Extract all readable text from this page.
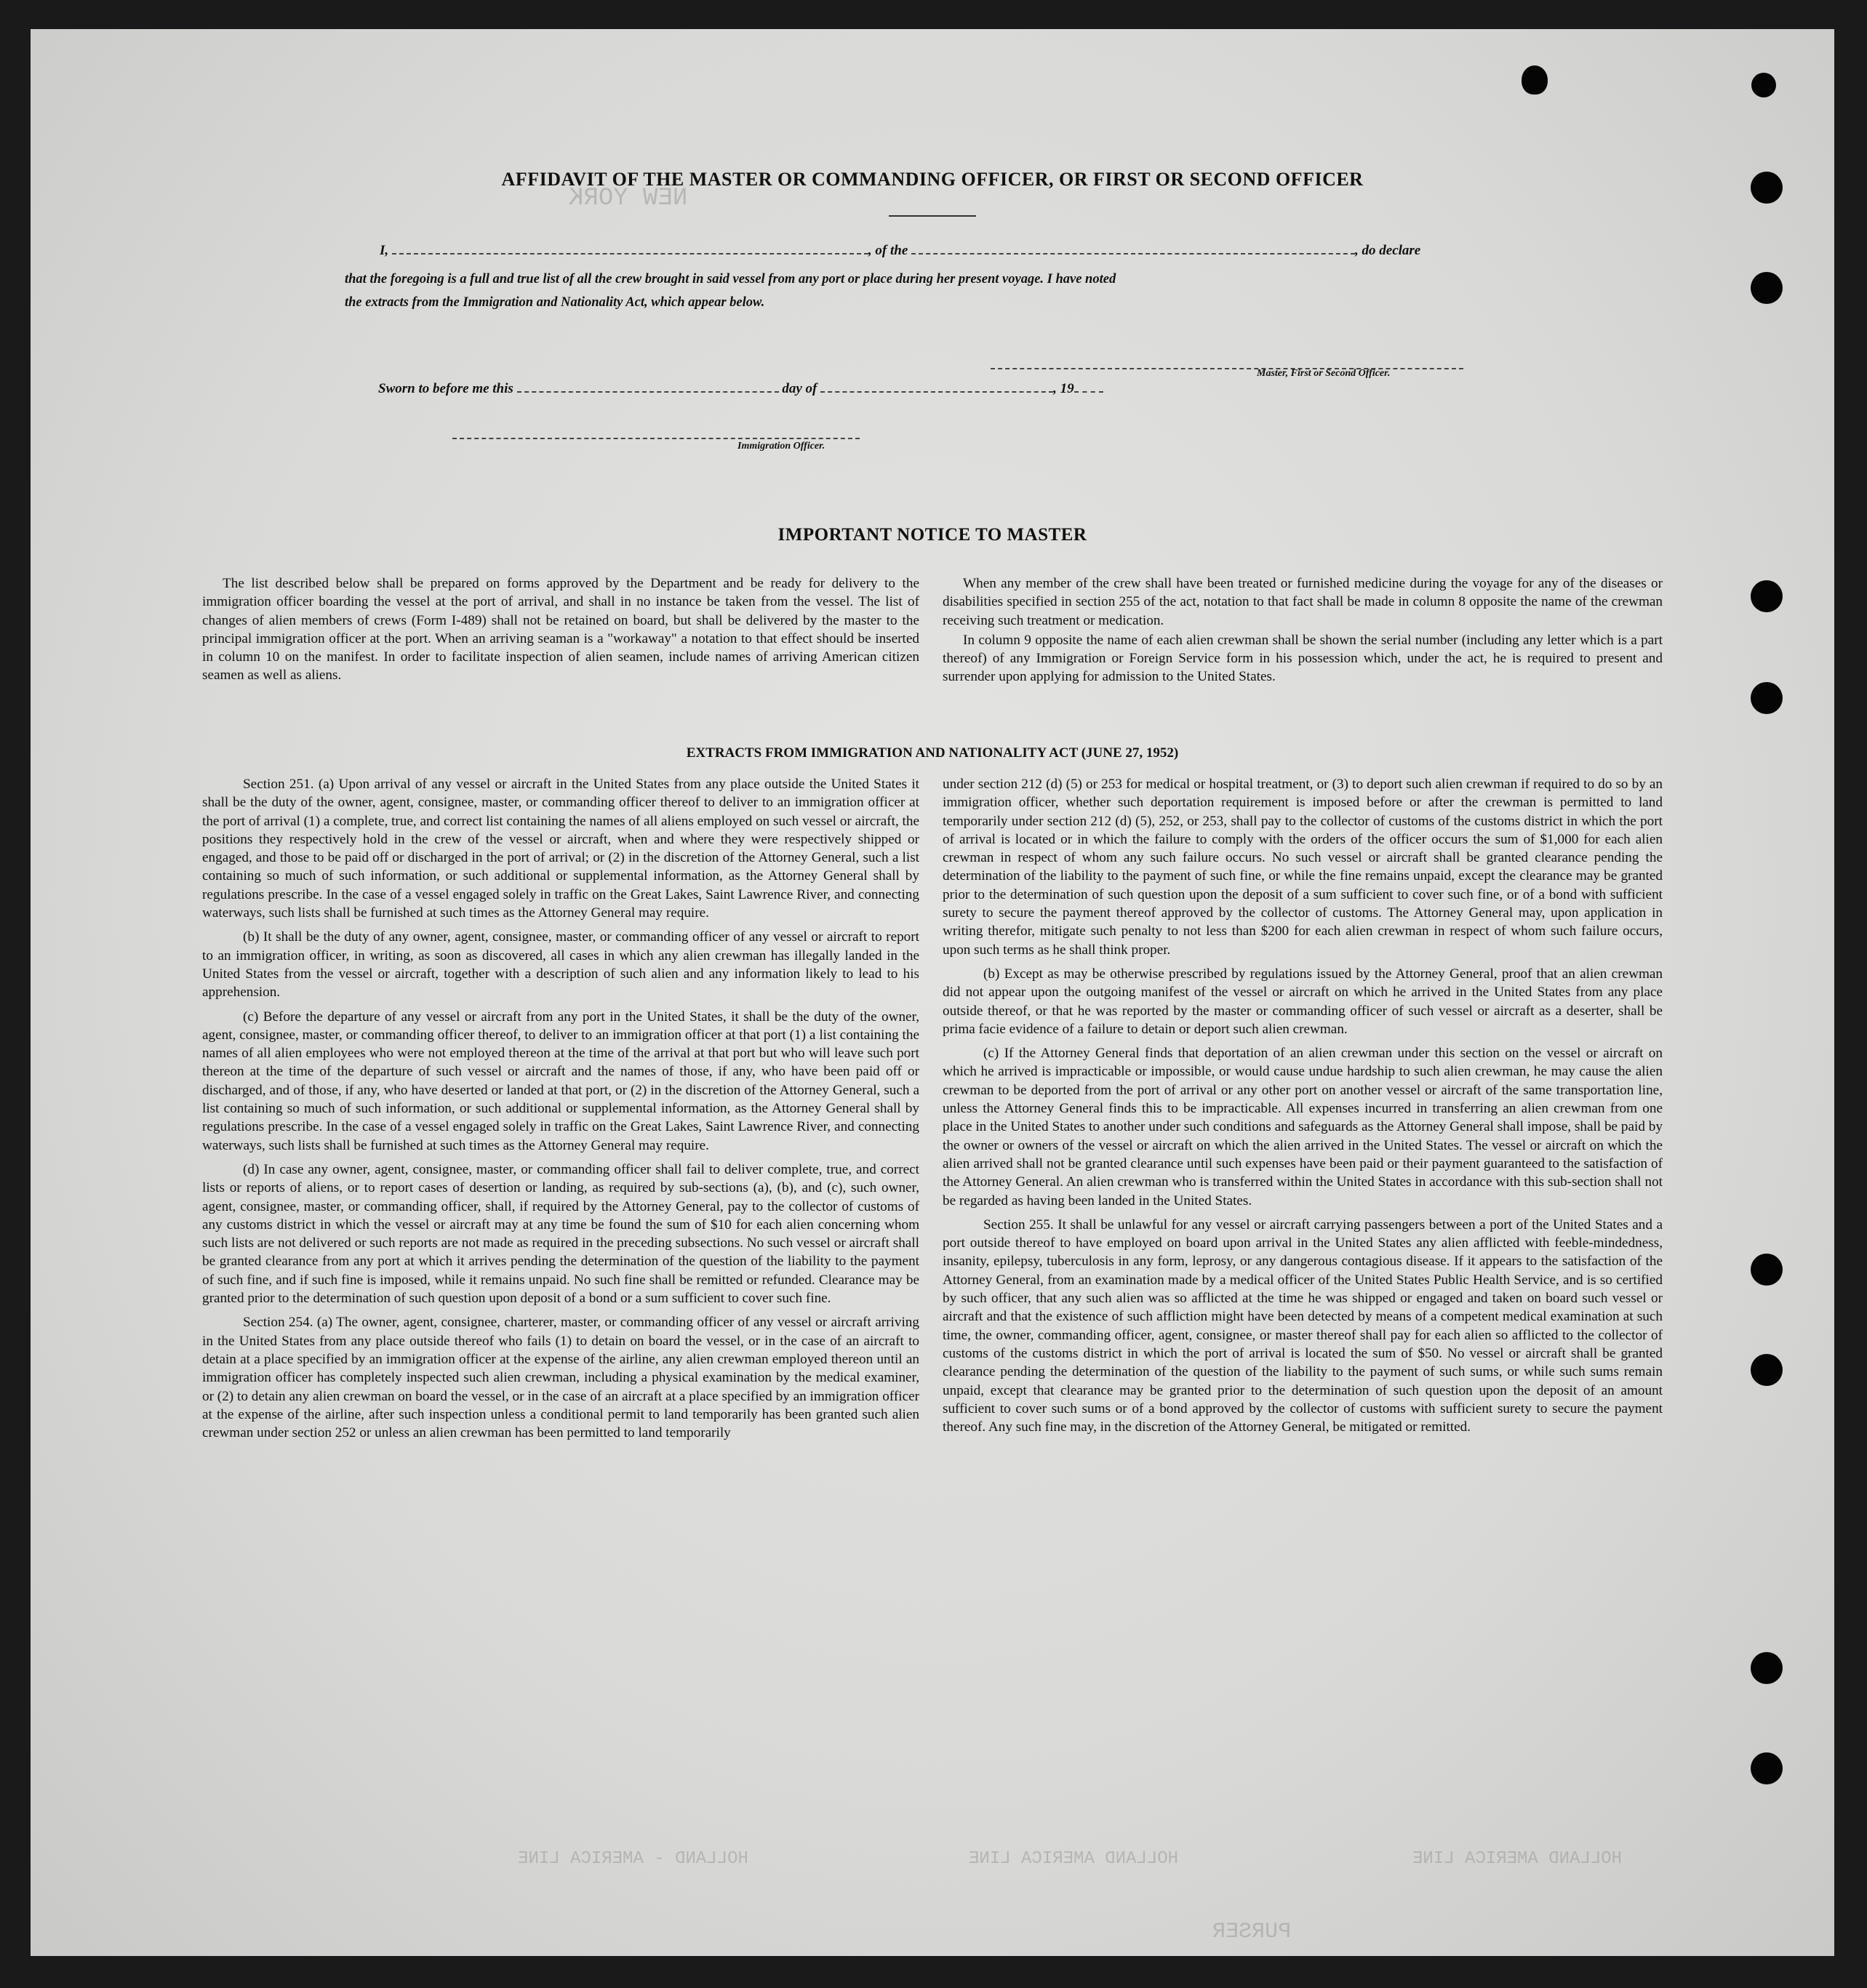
NEW YORK
HOLLAND - AMERICA LINE	HOLLAND AMERICA LINE	HOLLAND AMERICA LINE
PURSER
AFFIDAVIT OF THE MASTER OR COMMANDING OFFICER, OR FIRST OR SECOND OFFICER
I,	, of the	, do declare
that the foregoing is a full and true list of all the crew brought in said vessel from any port or place during her present voyage. I have noted
the extracts from the Immigration and Nationality Act, which appear below.
Master, First or Second Officer.
Sworn to before me this	day of	, 19
Immigration Officer.
IMPORTANT NOTICE TO MASTER

The list described below shall be prepared on forms approved by the Department and be ready for delivery to the immigration officer boarding the vessel at the port of arrival, and shall in no instance be taken from the vessel. The list of changes of alien members of crews (Form I-489) shall not be retained on board, but shall be delivered by the master to the principal immigration officer at the port. When an arriving seaman is a "workaway" a notation to that effect should be inserted in column 10 on the manifest. In order to facilitate inspection of alien seamen, include names of arriving American citizen seamen as well as aliens.

When any member of the crew shall have been treated or furnished medicine during the voyage for any of the diseases or disabilities specified in section 255 of the act, notation to that fact shall be made in column 8 opposite the name of the crewman receiving such treatment or medication.

In column 9 opposite the name of each alien crewman shall be shown the serial number (including any letter which is a part thereof) of any Immigration or Foreign Service form in his possession which, under the act, he is required to present and surrender upon applying for admission to the United States.

EXTRACTS FROM IMMIGRATION AND NATIONALITY ACT (JUNE 27, 1952)

Section 251. (a) Upon arrival of any vessel or aircraft in the United States from any place outside the United States it shall be the duty of the owner, agent, consignee, master, or commanding officer thereof to deliver to an immigration officer at the port of arrival (1) a complete, true, and correct list containing the names of all aliens employed on such vessel or aircraft, the positions they respectively hold in the crew of the vessel or aircraft, when and where they were respectively shipped or engaged, and those to be paid off or discharged in the port of arrival; or (2) in the discretion of the Attorney General, such a list containing so much of such information, or such additional or supplemental information, as the Attorney General shall by regulations prescribe. In the case of a vessel engaged solely in traffic on the Great Lakes, Saint Lawrence River, and connecting waterways, such lists shall be furnished at such times as the Attorney General may require.

(b) It shall be the duty of any owner, agent, consignee, master, or commanding officer of any vessel or aircraft to report to an immigration officer, in writing, as soon as discovered, all cases in which any alien crewman has illegally landed in the United States from the vessel or aircraft, together with a description of such alien and any information likely to lead to his apprehension.

(c) Before the departure of any vessel or aircraft from any port in the United States, it shall be the duty of the owner, agent, consignee, master, or commanding officer thereof, to deliver to an immigration officer at that port (1) a list containing the names of all alien employees who were not employed thereon at the time of the arrival at that port but who will leave such port thereon at the time of the departure of such vessel or aircraft and the names of those, if any, who have been paid off or discharged, and of those, if any, who have deserted or landed at that port, or (2) in the discretion of the Attorney General, such a list containing so much of such information, or such additional or supplemental information, as the Attorney General shall by regulations prescribe. In the case of a vessel engaged solely in traffic on the Great Lakes, Saint Lawrence River, and connecting waterways, such lists shall be furnished at such times as the Attorney General may require.

(d) In case any owner, agent, consignee, master, or commanding officer shall fail to deliver complete, true, and correct lists or reports of aliens, or to report cases of desertion or landing, as required by sub-sections (a), (b), and (c), such owner, agent, consignee, master, or commanding officer, shall, if required by the Attorney General, pay to the collector of customs of any customs district in which the vessel or aircraft may at any time be found the sum of $10 for each alien concerning whom such lists are not delivered or such reports are not made as required in the preceding subsections. No such vessel or aircraft shall be granted clearance from any port at which it arrives pending the determination of the question of the liability to the payment of such fine, and if such fine is imposed, while it remains unpaid. No such fine shall be remitted or refunded. Clearance may be granted prior to the determination of such question upon deposit of a bond or a sum sufficient to cover such fine.

Section 254. (a) The owner, agent, consignee, charterer, master, or commanding officer of any vessel or aircraft arriving in the United States from any place outside thereof who fails (1) to detain on board the vessel, or in the case of an aircraft to detain at a place specified by an immigration officer at the expense of the airline, any alien crewman employed thereon until an immigration officer has completely inspected such alien crewman, including a physical examination by the medical examiner, or (2) to detain any alien crewman on board the vessel, or in the case of an aircraft at a place specified by an immigration officer at the expense of the airline, after such inspection unless a conditional permit to land temporarily has been granted such alien crewman under section 252 or unless an alien crewman has been permitted to land temporarily

under section 212 (d) (5) or 253 for medical or hospital treatment, or (3) to deport such alien crewman if required to do so by an immigration officer, whether such deportation requirement is imposed before or after the crewman is permitted to land temporarily under section 212 (d) (5), 252, or 253, shall pay to the collector of customs of the customs district in which the port of arrival is located or in which the failure to comply with the orders of the officer occurs the sum of $1,000 for each alien crewman in respect of whom any such failure occurs. No such vessel or aircraft shall be granted clearance pending the determination of the liability to the payment of such fine, or while the fine remains unpaid, except the clearance may be granted prior to the determination of such question upon the deposit of a sum sufficient to cover such fine, or of a bond with sufficient surety to secure the payment thereof approved by the collector of customs. The Attorney General may, upon application in writing therefor, mitigate such penalty to not less than $200 for each alien crewman in respect of whom such failure occurs, upon such terms as he shall think proper.

(b) Except as may be otherwise prescribed by regulations issued by the Attorney General, proof that an alien crewman did not appear upon the outgoing manifest of the vessel or aircraft on which he arrived in the United States from any place outside thereof, or that he was reported by the master or commanding officer of such vessel or aircraft as a deserter, shall be prima facie evidence of a failure to detain or deport such alien crewman.

(c) If the Attorney General finds that deportation of an alien crewman under this section on the vessel or aircraft on which he arrived is impracticable or impossible, or would cause undue hardship to such alien crewman, he may cause the alien crewman to be deported from the port of arrival or any other port on another vessel or aircraft of the same transportation line, unless the Attorney General finds this to be impracticable. All expenses incurred in transferring an alien crewman from one place in the United States to another under such conditions and safeguards as the Attorney General shall impose, shall be paid by the owner or owners of the vessel or aircraft on which the alien arrived in the United States. The vessel or aircraft on which the alien arrived shall not be granted clearance until such expenses have been paid or their payment guaranteed to the satisfaction of the Attorney General. An alien crewman who is transferred within the United States in accordance with this sub-section shall not be regarded as having been landed in the United States.

Section 255. It shall be unlawful for any vessel or aircraft carrying passengers between a port of the United States and a port outside thereof to have employed on board upon arrival in the United States any alien afflicted with feeble-mindedness, insanity, epilepsy, tuberculosis in any form, leprosy, or any dangerous contagious disease. If it appears to the satisfaction of the Attorney General, from an examination made by a medical officer of the United States Public Health Service, and is so certified by such officer, that any such alien was so afflicted at the time he was shipped or engaged and taken on board such vessel or aircraft and that the existence of such affliction might have been detected by means of a competent medical examination at such time, the owner, commanding officer, agent, consignee, or master thereof shall pay for each alien so afflicted to the collector of customs of the customs district in which the port of arrival is located the sum of $50. No vessel or aircraft shall be granted clearance pending the determination of the question of the liability to the payment of such sums, or while such sums remain unpaid, except that clearance may be granted prior to the determination of such question upon the deposit of an amount sufficient to cover such sums or of a bond approved by the collector of customs with sufficient surety to secure the payment thereof. Any such fine may, in the discretion of the Attorney General, be mitigated or remitted.
